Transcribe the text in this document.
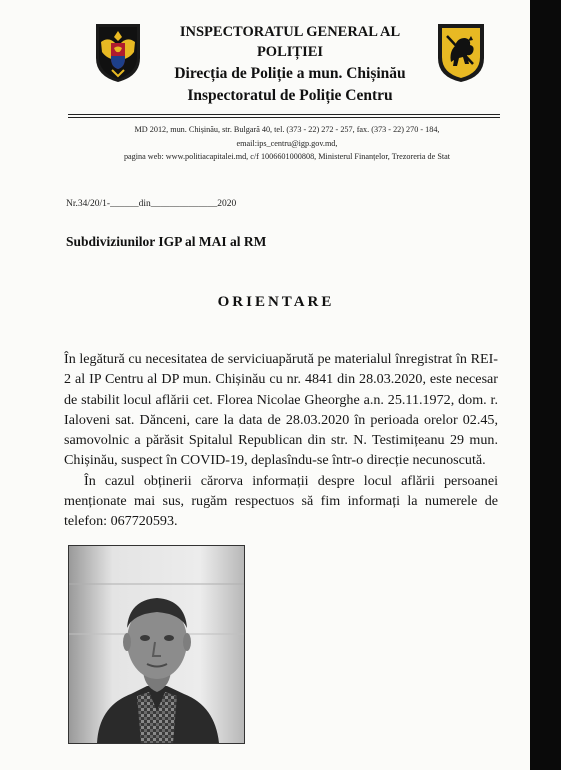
INSPECTORATUL GENERAL AL
POLIȚIEI
Direcția de Poliție a mun. Chișinău
Inspectoratul de Poliție Centru
MD 2012, mun. Chișinău, str. Bulgară 40, tel. (373 - 22) 272 - 257, fax. (373 - 22) 270 - 184,
email:ips_centru@igp.gov.md,
pagina web: www.politiacapitalei.md, c/f 1006601000808, Ministerul Finanțelor, Trezoreria de Stat
Nr.34/20/1-______din______________2020
Subdiviziunilor IGP al MAI al RM
ORIENTARE

În legătură cu necesitatea de serviciuapărută pe materialul înregistrat în REI-2 al IP Centru al DP mun. Chișinău cu nr. 4841 din 28.03.2020, este necesar de stabilit locul aflării cet. Florea Nicolae Gheorghe a.n. 25.11.1972, dom. r. Ialoveni sat. Dănceni, care la data de 28.03.2020 în perioada orelor 02.45, samovolnic a părăsit Spitalul Republican din str. N. Testimițeanu 29 mun. Chișinău, suspect în COVID-19, deplasîndu-se într-o direcție necunoscută.

În cazul obținerii cărorva informații despre locul aflării persoanei menționate mai sus, rugăm respectuos să fim informați la numerele de telefon: 067720593.
